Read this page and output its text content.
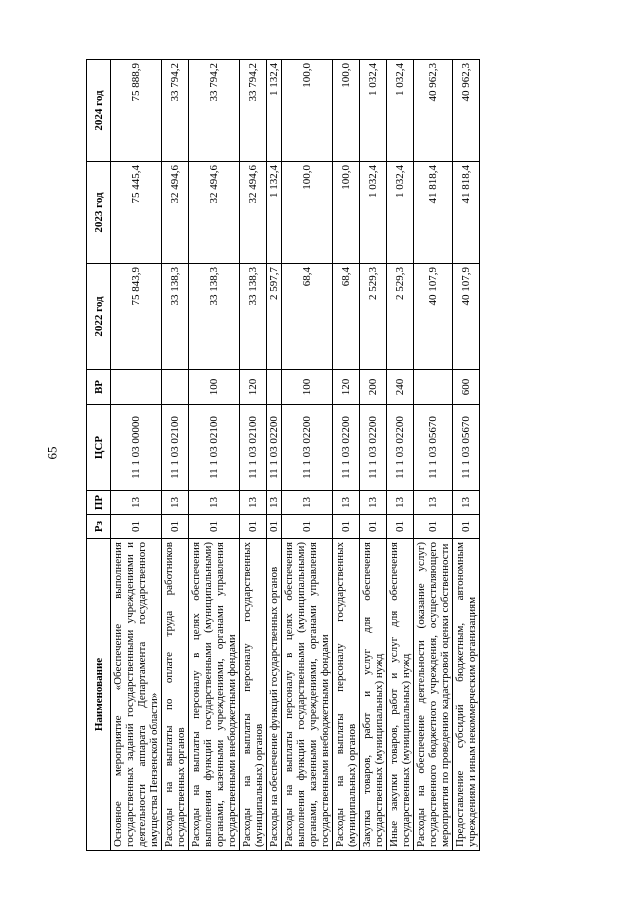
65
Наименование	Рз	ПР	ЦСР	ВР	2022 год	2023 год	2024 год
Основное мероприятие «Обеспечение выполнения государственных заданий государственными учреждениями и деятельности аппарата Департамента государственного имущества Пензенской области»	01	13	11 1 03 00000		75 843,9	75 445,4	75 888,9
Расходы на выплаты по оплате труда работников государственных органов	01	13	11 1 03 02100		33 138,3	32 494,6	33 794,2
Расходы на выплаты персоналу в целях обеспечения выполнения функций государственными (муниципальными) органами, казенными учреждениями, органами управления государственными внебюджетными фондами	01	13	11 1 03 02100	100	33 138,3	32 494,6	33 794,2
Расходы на выплаты персоналу государственных (муниципальных) органов	01	13	11 1 03 02100	120	33 138,3	32 494,6	33 794,2
Расходы на обеспечение функций государственных органов	01	13	11 1 03 02200		2 597,7	1 132,4	1 132,4
Расходы на выплаты персоналу в целях обеспечения выполнения функций государственными (муниципальными) органами, казенными учреждениями, органами управления государственными внебюджетными фондами	01	13	11 1 03 02200	100	68,4	100,0	100,0
Расходы на выплаты персоналу государственных (муниципальных) органов	01	13	11 1 03 02200	120	68,4	100,0	100,0
Закупка товаров, работ и услуг для обеспечения государственных (муниципальных) нужд	01	13	11 1 03 02200	200	2 529,3	1 032,4	1 032,4
Иные закупки товаров, работ и услуг для обеспечения государственных (муниципальных) нужд	01	13	11 1 03 02200	240	2 529,3	1 032,4	1 032,4
Расходы на обеспечение деятельности (оказание услуг) государственного бюджетного учреждения, осуществляющего мероприятия по проведению кадастровой оценки собственности	01	13	11 1 03 05670		40 107,9	41 818,4	40 962,3
Предоставление субсидий бюджетным, автономным учреждениям и иным некоммерческим организациям	01	13	11 1 03 05670	600	40 107,9	41 818,4	40 962,3
